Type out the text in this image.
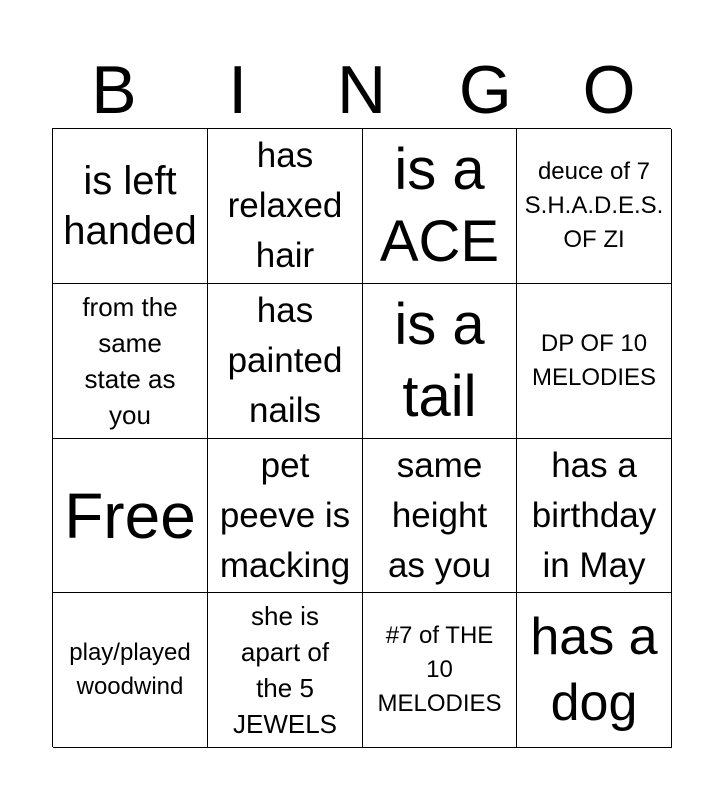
B	I	N	G	O
is left
handed
has
relaxed
hair
is a
ACE
deuce of 7
S.H.A.D.E.S.
OF ZI
from the
same
state as
you
has
painted
nails
is a
tail
DP OF 10
MELODIES
Free
pet
peeve is
macking
same
height
as you
has a
birthday
in May
play/played
woodwind
she is
apart of
the 5
JEWELS
#7 of THE
10
MELODIES
has a
dog
